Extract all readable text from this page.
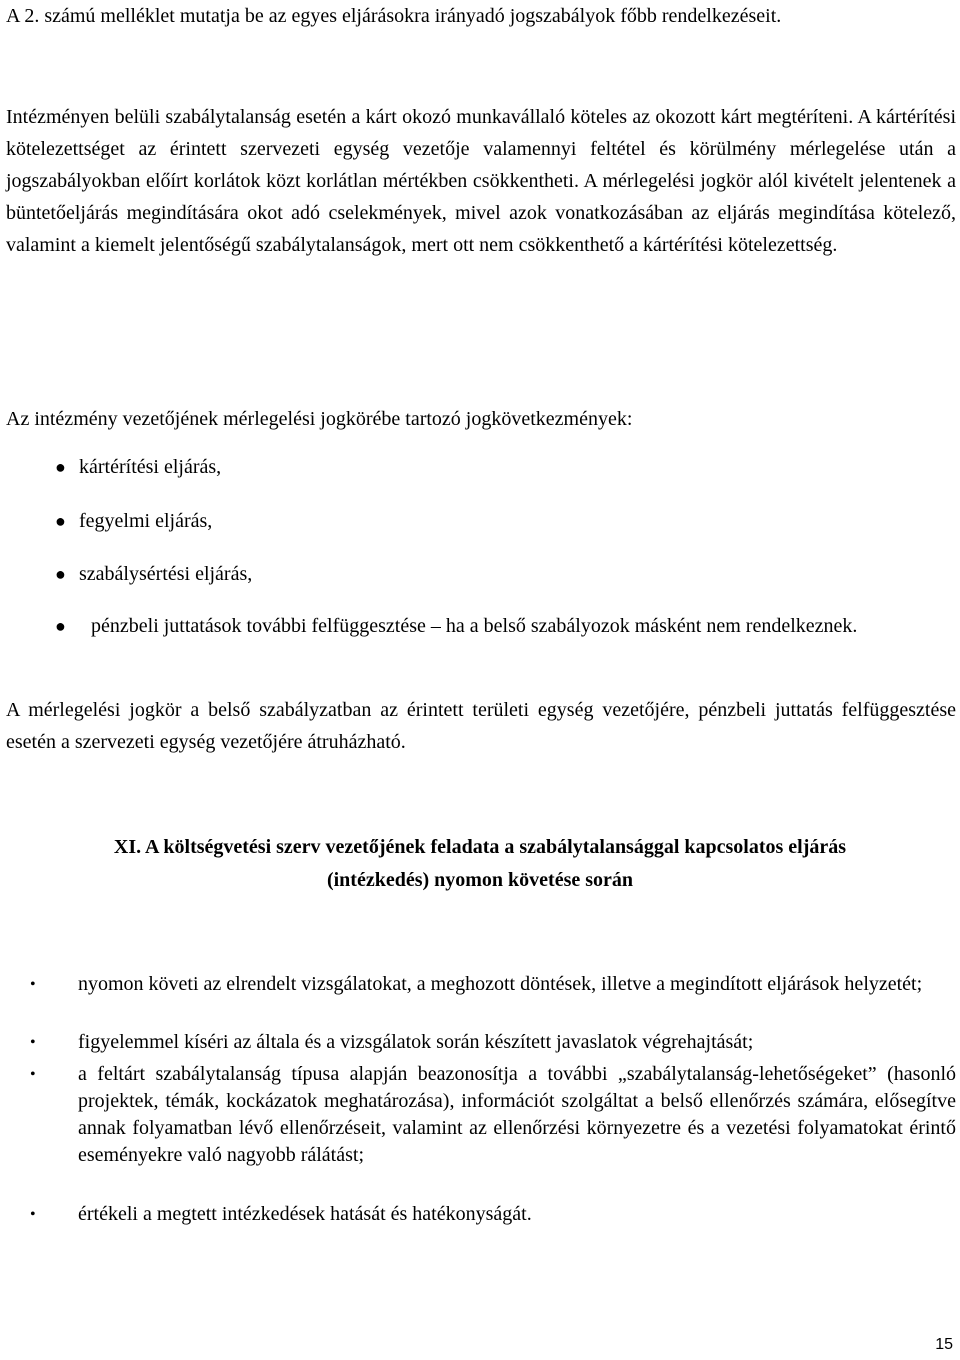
A 2. számú melléklet mutatja be az egyes eljárásokra irányadó jogszabályok főbb rendelkezéseit.

Intézményen belüli szabálytalanság esetén a kárt okozó munkavállaló köteles az okozott kárt megtéríteni. A kártérítési kötelezettséget az érintett szervezeti egység vezetője valamennyi feltétel és körülmény mérlegelése után a jogszabályokban előírt korlátok közt korlátlan mértékben csökkentheti. A mérlegelési jogkör alól kivételt jelentenek a büntetőeljárás megindítására okot adó cselekmények, mivel azok vonatkozásában az eljárás megindítása kötelező, valamint a kiemelt jelentőségű szabálytalanságok, mert ott nem csökkenthető a kártérítési kötelezettség.

Az intézmény vezetőjének mérlegelési jogkörébe tartozó jogkövetkezmények:

● kártérítési eljárás,
● fegyelmi eljárás,
● szabálysértési eljárás,
● pénzbeli juttatások további felfüggesztése – ha a belső szabályozok másként nem rendelkeznek.

A mérlegelési jogkör a belső szabályzatban az érintett területi egység vezetőjére, pénzbeli juttatás felfüggesztése esetén a szervezeti egység vezetőjére átruházható.

XI. A költségvetési szerv vezetőjének feladata a szabálytalansággal kapcsolatos eljárás
(intézkedés) nyomon követése során
• nyomon követi az elrendelt vizsgálatokat, a meghozott döntések, illetve a megindított eljárások helyzetét;
• figyelemmel kíséri az általa és a vizsgálatok során készített javaslatok végrehajtását;
• a feltárt szabálytalanság típusa alapján beazonosítja a további „szabálytalanság-lehetőségeket” (hasonló projektek, témák, kockázatok meghatározása), információt szolgáltat a belső ellenőrzés számára, elősegítve annak folyamatban lévő ellenőrzéseit, valamint az ellenőrzési környezetre és a vezetési folyamatokat érintő eseményekre való nagyobb rálátást;
• értékeli a megtett intézkedések hatását és hatékonyságát.
15
